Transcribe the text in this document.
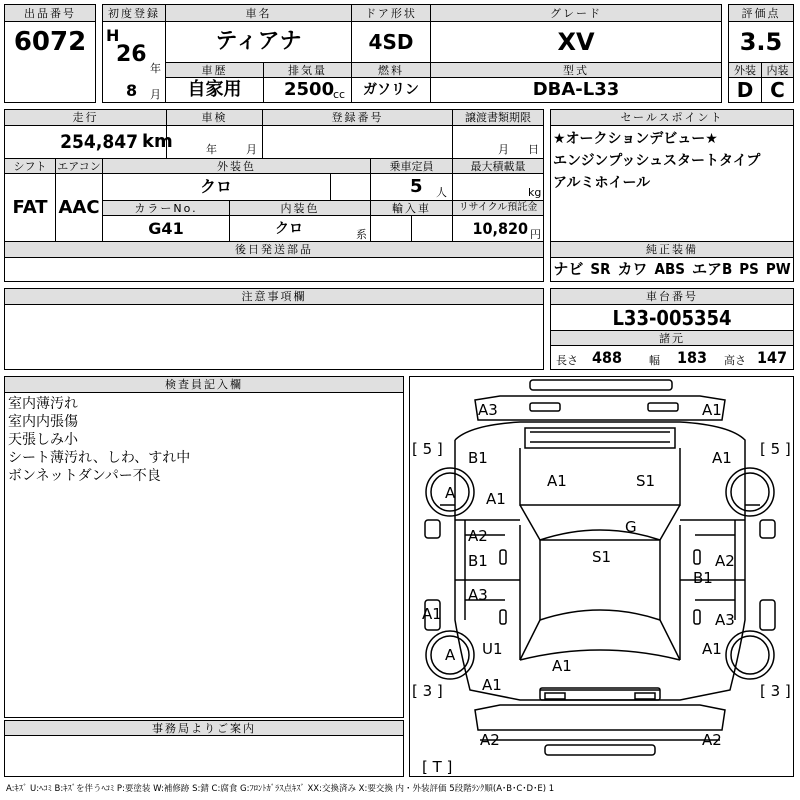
出品番号
6072
初度登録
H
26
年
8 月
車名
ティアナ
ドア形状
4SD
グレード
XV
評価点
3.5
車歴
自家用
排気量
2500
cc
燃料
ガソリン
型式
DBA-L33
外装 内装
D C
走行
254,847 km
車検
年	月
登録番号	譲渡書類期限
月 日
シフト エアコン
FAT AAC
外装色
クロ
乗車定員
5 人
最大積載量
kg
カラーNo.
G41
内装色
クロ	系
輸入車	リサイクル預託金
10,820 円
後日発送部品
セールスポイント
★オークションデビュー★
エンジンプッシュスタートタイプ
アルミホイール
純正装備
ナビ SR カワ ABS エアB PS PW
注意事項欄	車台番号
L33-005354
諸元
長さ 488 幅 183 高さ 147
検査員記入欄
室内薄汚れ
室内内張傷
天張しみ小
シート薄汚れ、しわ、すれ中
ボンネットダンパー不良
事務局よりご案内
[ 5 ]	[ 5 ]
[ 3 ]	[ 3 ]
[ T ]
A3	A1
B1	A1
A A1
A1	S1
G
A2
B1	S1	A2
B1
A3
A1	A3
A U1	A1
A1
A1
A2	A2
A:ｷｽﾞ U:ﾍｺﾐ B:ｷｽﾞを伴うﾍｺﾐ P:要塗装 W:補修跡 S:錆 C:腐食 G:ﾌﾛﾝﾄｶﾞﾗｽ点ｷｽﾞ XX:交換済み X:要交換 内・外装評価 5段階ﾗﾝｸ順(A･B･C･D･E) 1
